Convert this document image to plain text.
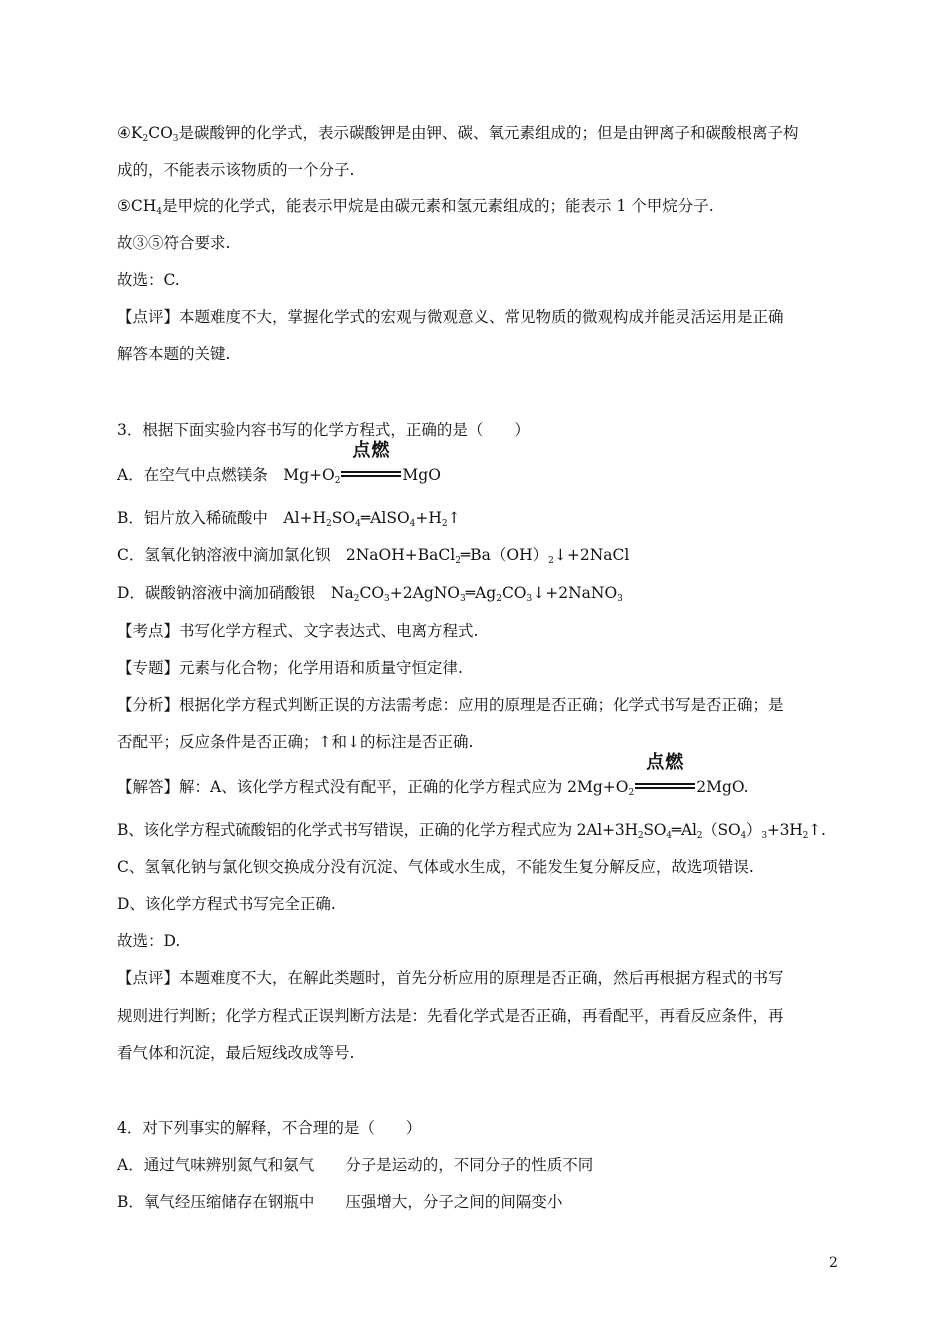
$④K_2CO_3$是碳酸钾的化学式，表示碳酸钾是由钾、碳、氧元素组成的；但是由钾离子和碳酸根离子构
成的，不能表示该物质的一个分子.
$⑤CH_4$是甲烷的化学式，能表示甲烷是由碳元素和氢元素组成的；能表示 1 个甲烷分子.
故③⑤符合要求.
故选：C.
【点评】本题难度不大，掌握化学式的宏观与微观意义、常见物质的微观构成并能灵活运用是正确
解答本题的关键.
3．根据下面实验内容书写的化学方程式，正确的是（　　）
A．在空气中点燃镁条　$Mg+O_2$
点燃
MgO
B．铝片放入稀硫酸中　$Al+H_2SO_4═AlSO_4+H_2↑$
C．氢氧化钠溶液中滴加氯化钡　$2NaOH+BaCl_2═Ba(OH)_2↓+2NaCl$
D．碳酸钠溶液中滴加硝酸银　$Na_2CO_3+2AgNO_3═Ag_2CO_3↓+2NaNO_3$
【考点】书写化学方程式、文字表达式、电离方程式.
【专题】元素与化合物；化学用语和质量守恒定律.
【分析】根据化学方程式判断正误的方法需考虑：应用的原理是否正确；化学式书写是否正确；是
否配平；反应条件是否正确；↑和↓的标注是否正确.
【解答】解：A、该化学方程式没有配平，正确的化学方程式应为 $2Mg+O_2$
点燃
2MgO.
B、该化学方程式硫酸铝的化学式书写错误，正确的化学方程式应为 $2Al+3H_2SO_4═Al_2(SO_4)_3+3H_2↑$.
C、氢氧化钠与氯化钡交换成分没有沉淀、气体或水生成，不能发生复分解反应，故选项错误.
D、该化学方程式书写完全正确.
故选：D.
【点评】本题难度不大，在解此类题时，首先分析应用的原理是否正确，然后再根据方程式的书写
规则进行判断；化学方程式正误判断方法是：先看化学式是否正确，再看配平，再看反应条件，再
看气体和沉淀，最后短线改成等号.
4．对下列事实的解释，不合理的是（　　）
A．通过气味辨别氮气和氨气　　分子是运动的，不同分子的性质不同
B．氧气经压缩储存在钢瓶中　　压强增大，分子之间的间隔变小
2
